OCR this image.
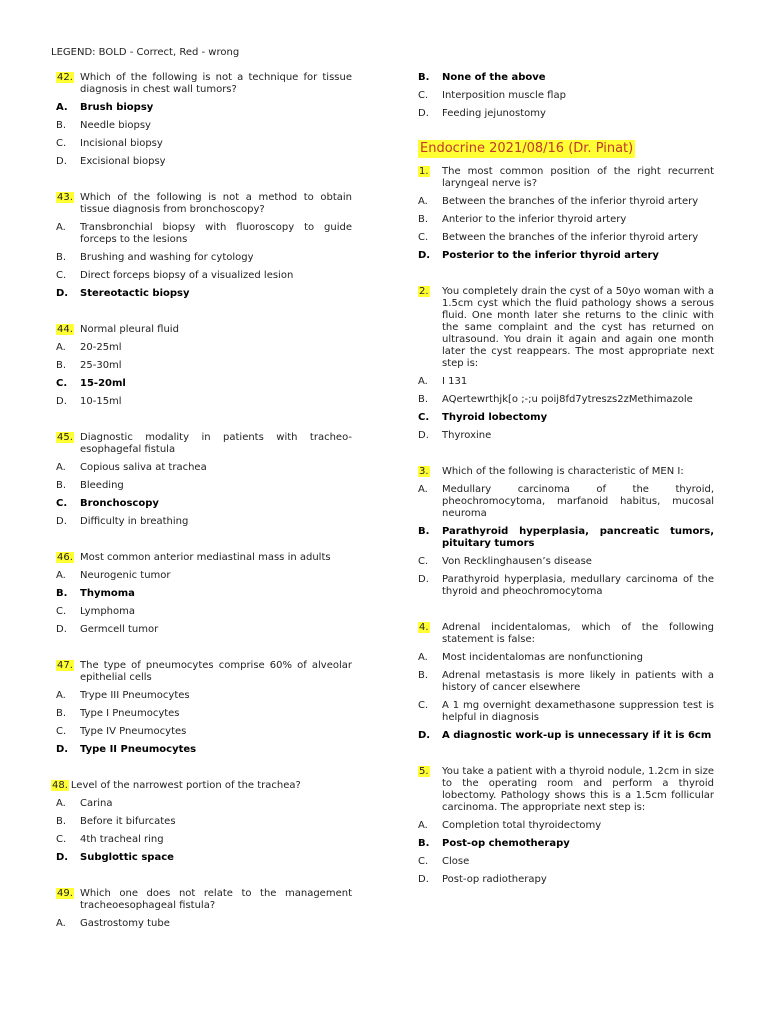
LEGEND: BOLD - Correct, Red - wrong
42. Which of the following is not a technique for tissue diagnosis in chest wall tumors?
A.	Brush biopsy
B.	Needle biopsy
C.	Incisional biopsy
D.	Excisional biopsy
43. Which of the following is not a method to obtain tissue diagnosis from bronchoscopy?
A.	Transbronchial biopsy with fluoroscopy to guide forceps to the lesions
B.	Brushing and washing for cytology
C.	Direct forceps biopsy of a visualized lesion
D.	Stereotactic biopsy
44. Normal pleural fluid
A.	20-25ml
B.	25-30ml
C.	15-20ml
D.	10-15ml
45. Diagnostic modality in patients with tracheo-esophagefal fistula
A.	Copious saliva at trachea
B.	Bleeding
C.	Bronchoscopy
D.	Difficulty in breathing
46. Most common anterior mediastinal mass in adults
A.	Neurogenic tumor
B.	Thymoma
C.	Lymphoma
D.	Germcell tumor
47. The type of pneumocytes comprise 60% of alveolar epithelial cells
A.	Trype III Pneumocytes
B.	Type I Pneumocytes
C.	Type IV Pneumocytes
D.	Type II Pneumocytes
48. Level of the narrowest portion of the trachea?
A.	Carina
B.	Before it bifurcates
C.	4th tracheal ring
D.	Subglottic space
49. Which one does not relate to the management tracheoesophageal fistula?
A.	Gastrostomy tube
B.	None of the above
C.	Interposition muscle flap
D.	Feeding jejunostomy
Endocrine 2021/08/16 (Dr. Pinat)
1.	The most common position of the right recurrent laryngeal nerve is?
A.	Between the branches of the inferior thyroid artery
B.	Anterior to the inferior thyroid artery
C.	Between the branches of the inferior thyroid artery
D.	Posterior to the inferior thyroid artery
2.	You completely drain the cyst of a 50yo woman with a 1.5cm cyst which the fluid pathology shows a serous fluid. One month later she returns to the clinic with the same complaint and the cyst has returned on ultrasound. You drain it again and again one month later the cyst reappears. The most appropriate next step is:
A.	I 131
B.	AQertewrthjk[o ;-;u poij8fd7ytreszs2zMethimazole
C.	Thyroid lobectomy
D.	Thyroxine
3.	Which of the following is characteristic of MEN I:
A.	Medullary carcinoma of the thyroid, pheochromocytoma, marfanoid habitus, mucosal neuroma
B.	Parathyroid hyperplasia, pancreatic tumors, pituitary tumors
C.	Von Recklinghausen’s disease
D.	Parathyroid hyperplasia, medullary carcinoma of the thyroid and pheochromocytoma
4.	Adrenal incidentalomas, which of the following statement is false:
A.	Most incidentalomas are nonfunctioning
B.	Adrenal metastasis is more likely in patients with a history of cancer elsewhere
C.	A 1 mg overnight dexamethasone suppression test is helpful in diagnosis
D.	A diagnostic work-up is unnecessary if it is 6cm
5.	You take a patient with a thyroid nodule, 1.2cm in size to the operating room and perform a thyroid lobectomy. Pathology shows this is a 1.5cm follicular carcinoma. The appropriate next step is:
A.	Completion total thyroidectomy
B.	Post-op chemotherapy
C.	Close
D.	Post-op radiotherapy
